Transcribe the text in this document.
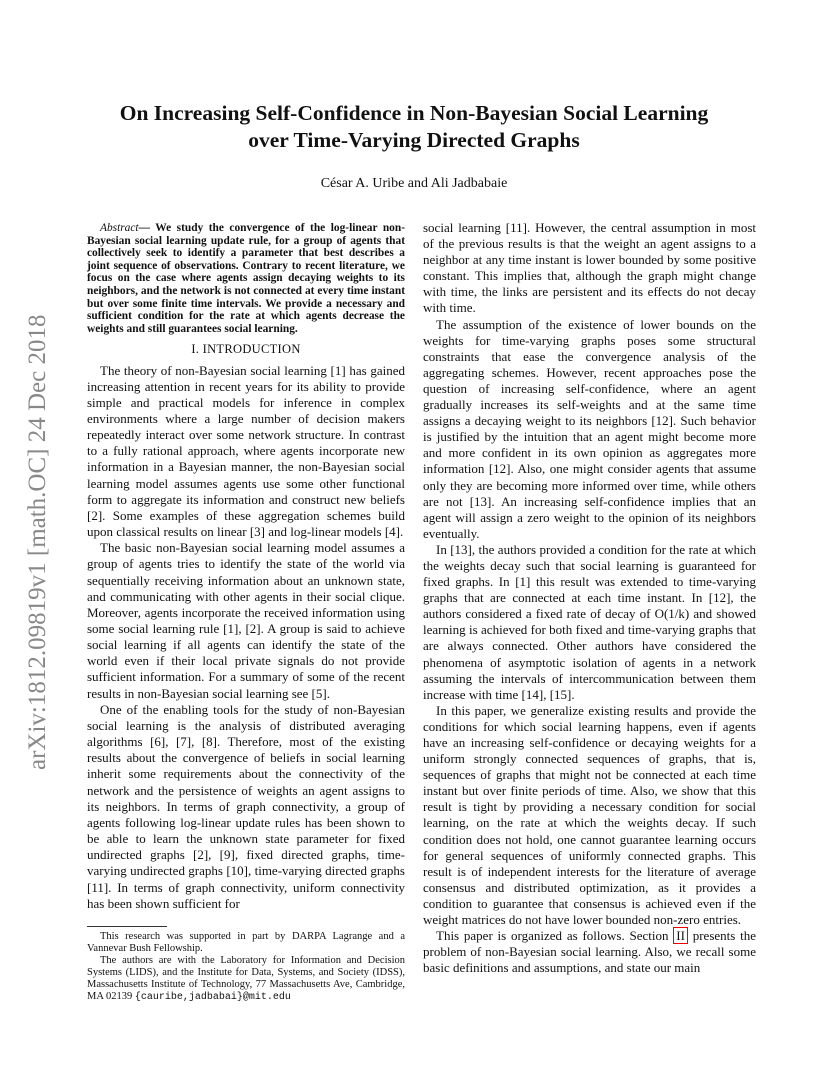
arXiv:1812.09819v1 [math.OC] 24 Dec 2018
On Increasing Self-Confidence in Non-Bayesian Social Learning
over Time-Varying Directed Graphs

César A. Uribe and Ali Jadbabaie

Abstract— We study the convergence of the log-linear non-Bayesian social learning update rule, for a group of agents that collectively seek to identify a parameter that best describes a joint sequence of observations. Contrary to recent literature, we focus on the case where agents assign decaying weights to its neighbors, and the network is not connected at every time instant but over some finite time intervals. We provide a necessary and sufficient condition for the rate at which agents decrease the weights and still guarantees social learning.

I. INTRODUCTION

The theory of non-Bayesian social learning [1] has gained increasing attention in recent years for its ability to provide simple and practical models for inference in complex environments where a large number of decision makers repeatedly interact over some network structure. In contrast to a fully rational approach, where agents incorporate new information in a Bayesian manner, the non-Bayesian social learning model assumes agents use some other functional form to aggregate its information and construct new beliefs [2]. Some examples of these aggregation schemes build upon classical results on linear [3] and log-linear models [4].

The basic non-Bayesian social learning model assumes a group of agents tries to identify the state of the world via sequentially receiving information about an unknown state, and communicating with other agents in their social clique. Moreover, agents incorporate the received information using some social learning rule [1], [2]. A group is said to achieve social learning if all agents can identify the state of the world even if their local private signals do not provide sufficient information. For a summary of some of the recent results in non-Bayesian social learning see [5].

One of the enabling tools for the study of non-Bayesian social learning is the analysis of distributed averaging algorithms [6], [7], [8]. Therefore, most of the existing results about the convergence of beliefs in social learning inherit some requirements about the connectivity of the network and the persistence of weights an agent assigns to its neighbors. In terms of graph connectivity, a group of agents following log-linear update rules has been shown to be able to learn the unknown state parameter for fixed undirected graphs [2], [9], fixed directed graphs, time-varying undirected graphs [10], time-varying directed graphs [11]. In terms of graph connectivity, uniform connectivity has been shown sufficient for

This research was supported in part by DARPA Lagrange and a Vannevar Bush Fellowship.

The authors are with the Laboratory for Information and Decision Systems (LIDS), and the Institute for Data, Systems, and Society (IDSS), Massachusetts Institute of Technology, 77 Massachusetts Ave, Cambridge, MA 02139 {cauribe,jadbabai}@mit.edu

social learning [11]. However, the central assumption in most of the previous results is that the weight an agent assigns to a neighbor at any time instant is lower bounded by some positive constant. This implies that, although the graph might change with time, the links are persistent and its effects do not decay with time.

The assumption of the existence of lower bounds on the weights for time-varying graphs poses some structural constraints that ease the convergence analysis of the aggregating schemes. However, recent approaches pose the question of increasing self-confidence, where an agent gradually increases its self-weights and at the same time assigns a decaying weight to its neighbors [12]. Such behavior is justified by the intuition that an agent might become more and more confident in its own opinion as aggregates more information [12]. Also, one might consider agents that assume only they are becoming more informed over time, while others are not [13]. An increasing self-confidence implies that an agent will assign a zero weight to the opinion of its neighbors eventually.

In [13], the authors provided a condition for the rate at which the weights decay such that social learning is guaranteed for fixed graphs. In [1] this result was extended to time-varying graphs that are connected at each time instant. In [12], the authors considered a fixed rate of decay of O(1/k) and showed learning is achieved for both fixed and time-varying graphs that are always connected. Other authors have considered the phenomena of asymptotic isolation of agents in a network assuming the intervals of intercommunication between them increase with time [14], [15].

In this paper, we generalize existing results and provide the conditions for which social learning happens, even if agents have an increasing self-confidence or decaying weights for a uniform strongly connected sequences of graphs, that is, sequences of graphs that might not be connected at each time instant but over finite periods of time. Also, we show that this result is tight by providing a necessary condition for social learning, on the rate at which the weights decay. If such condition does not hold, one cannot guarantee learning occurs for general sequences of uniformly connected graphs. This result is of independent interests for the literature of average consensus and distributed optimization, as it provides a condition to guarantee that consensus is achieved even if the weight matrices do not have lower bounded non-zero entries.

This paper is organized as follows. Section II presents the problem of non-Bayesian social learning. Also, we recall some basic definitions and assumptions, and state our main
